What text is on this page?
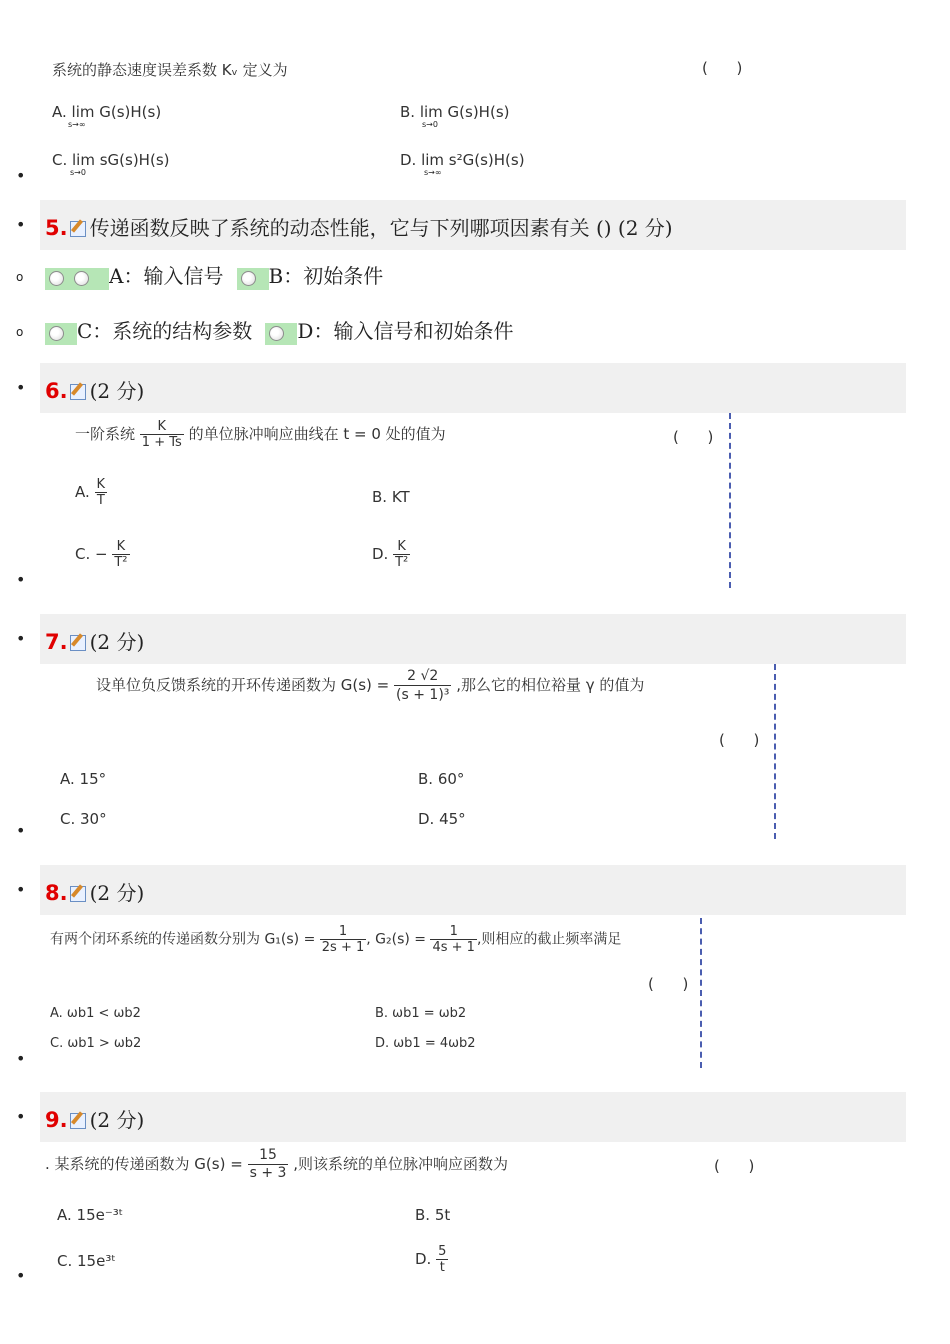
系统的静态速度误差系数 Kᵥ 定义为	(      )
A. lim G(s)H(s)
s→∞
B. lim G(s)H(s)
s→0
C. lim sG(s)H(s)
s→0
D. lim s²G(s)H(s)
s→∞
•
• 5. 传递函数反映了系统的动态性能，它与下列哪项因素有关 () (2 分)
o	A：输入信号 B：初始条件
o	C：系统的结构参数 D：输入信号和初始条件
• 6. (2 分)
一阶系统 $\frac{K}{1 + Ts}$ 的单位脉冲响应曲线在 t = 0 处的值为	(      )
A. $\frac{K}{T}$	B. KT
C. − $\frac{K}{\text{T²}}$	D. $\frac{K}{\text{T²}}$
•
• 7. (2 分)
设单位负反馈系统的开环传递函数为 $G(s) = \frac{2 √2}{\text{(s + 1)³}}$ ,那么它的相位裕量 γ 的值为
(      )
A. 15°	B. 60°
C. 30°	D. 45°
•
• 8. (2 分)
有两个闭环系统的传递函数分别为 $G_1(s) = \frac{1}{2s + 1}$ , $G_2(s) = \frac{1}{4s + 1}$ ,则相应的截止频率满足
(      )
A. ωb1 < ωb2	B. ωb1 = ωb2
C. ωb1 > ωb2	D. ωb1 = 4ωb2
•
• 9. (2 分)
. 某系统的传递函数为 $G(s) = \frac{15}{s + 3}$ ,则该系统的单位脉冲响应函数为	(      )
A. 15e⁻³ᵗ	B. 5t
C. 15e³ᵗ	D. $\frac{5}{t}$
•
